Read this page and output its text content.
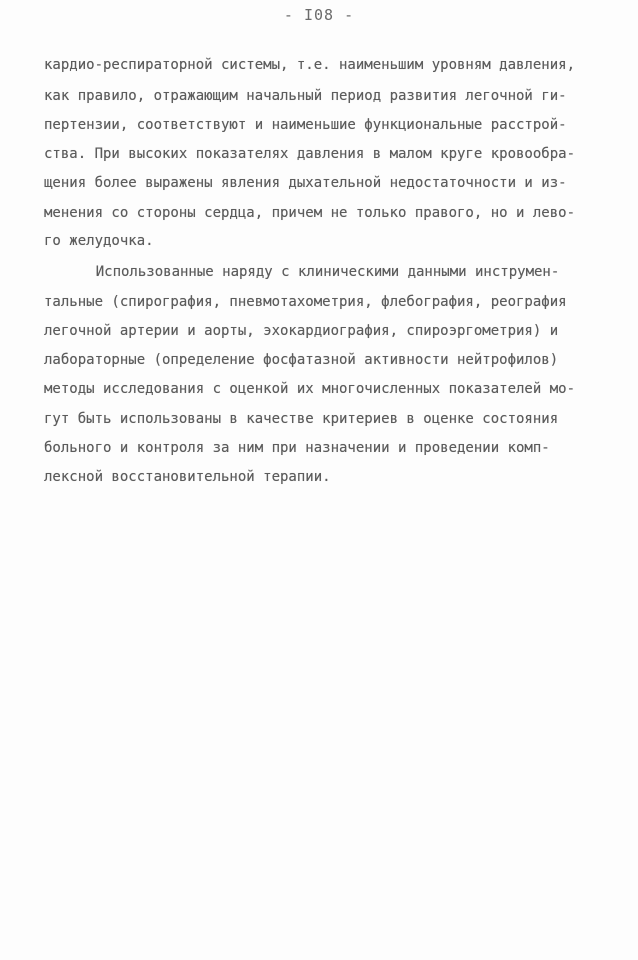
- I08 -

кардио-респираторной системы, т.е. наименьшим уровням давления,

как правило, отражающим начальный период развития легочной ги-

пертензии, соответствуют и наименьшие функциональные расстрой-

ства. При высоких показателях давления в малом круге кровообра-

щения более выражены явления дыхательной недостаточности и из-

менения со стороны сердца, причем не только правого, но и лево-

го желудочка.

Использованные наряду с клиническими данными инструмен-

тальные (спирография, пневмотахометрия, флебография, реография

легочной артерии и аорты, эхокардиография, спироэргометрия) и

лабораторные (определение фосфатазной активности нейтрофилов)

методы исследования с оценкой их многочисленных показателей мо-

гут быть использованы в качестве критериев в оценке состояния

больного и контроля за ним при назначении и проведении комп-

лексной восстановительной терапии.
